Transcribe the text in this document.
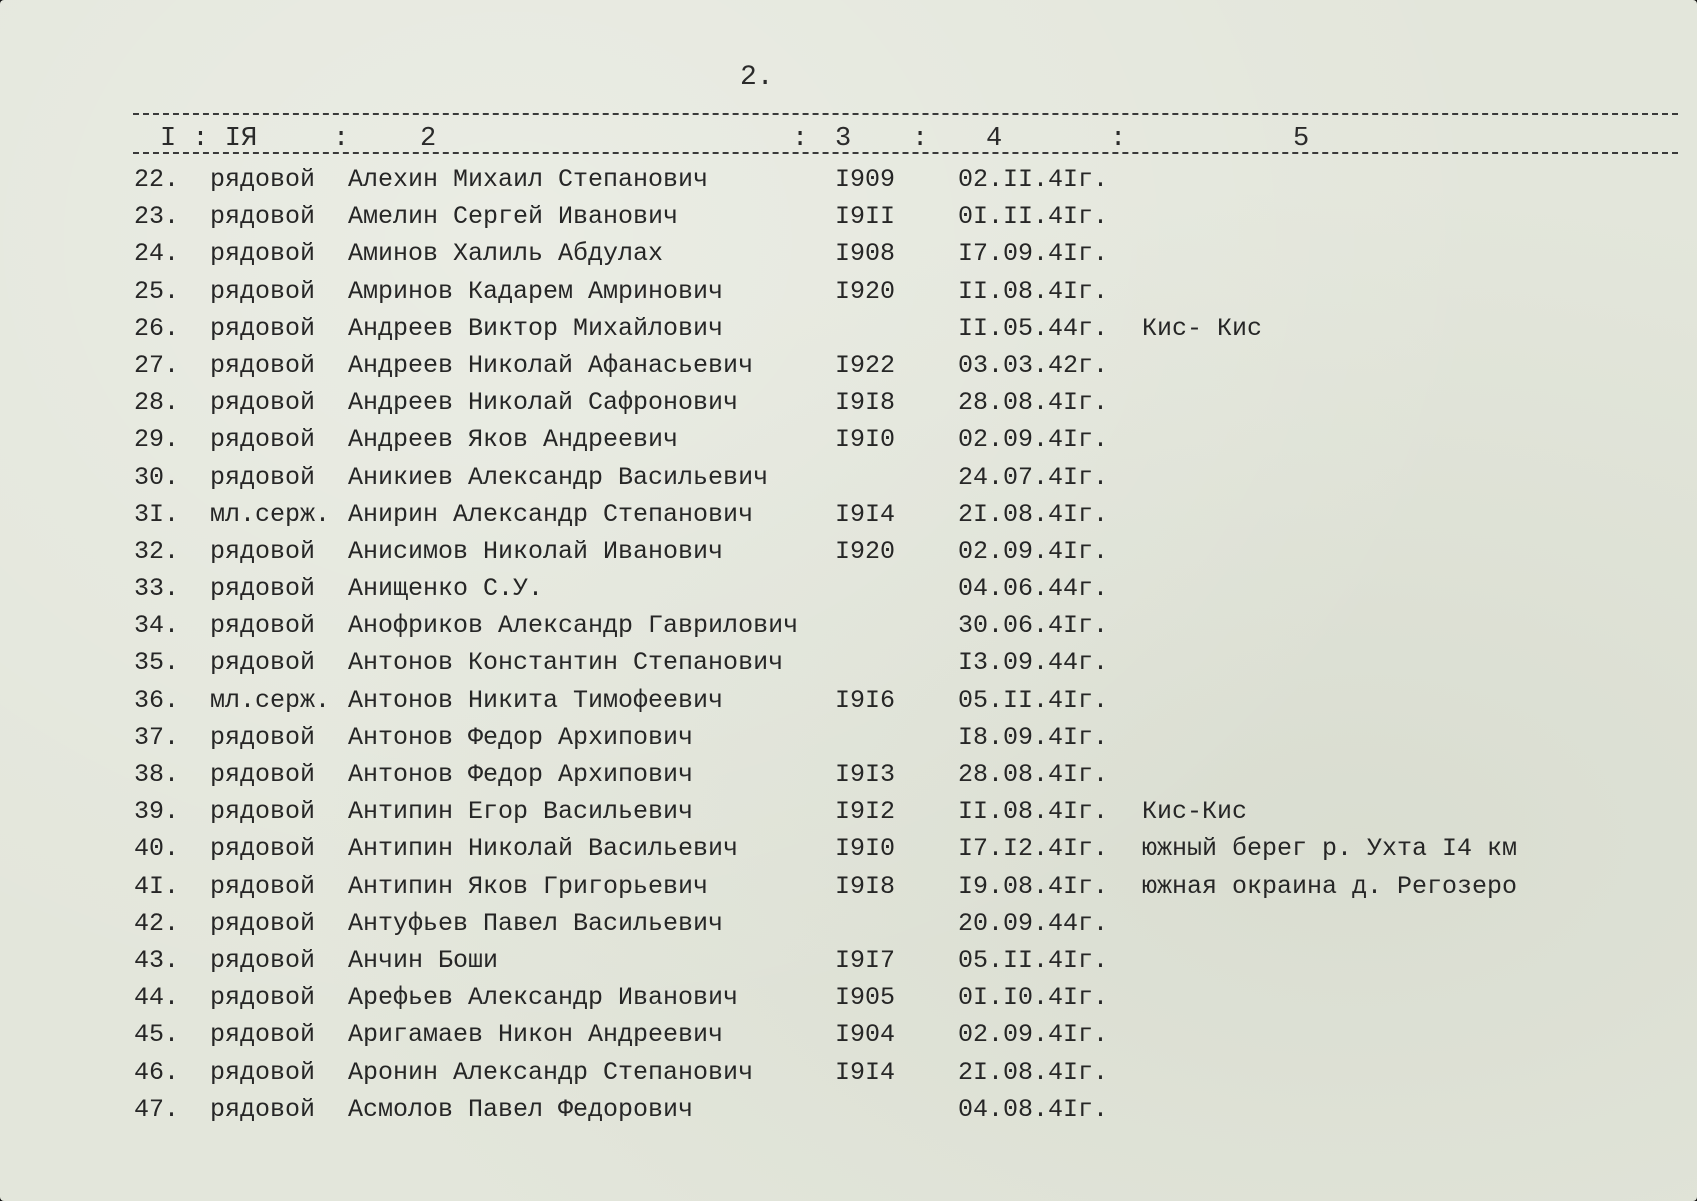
2.
I : IЯ	:	2	: 3 : 4	:	5
22. рядовой Алехин Михаил Степанович	I909	02.II.4Iг.
23. рядовой Амелин Сергей Иванович	I9II	0I.II.4Iг.
24. рядовой Аминов Халиль Абдулах	I908	I7.09.4Iг.
25. рядовой Амринов Кадарем Амринович	I920	II.08.4Iг.
26. рядовой Андреев Виктор Михайлович	II.05.44г. Кис- Кис
27. рядовой Андреев Николай Афанасьевич	I922	03.03.42г.
28. рядовой Андреев Николай Сафронович	I9I8	28.08.4Iг.
29. рядовой Андреев Яков Андреевич	I9I0	02.09.4Iг.
30. рядовой Аникиев Александр Васильевич	24.07.4Iг.
3I. мл.серж. Анирин Александр Степанович	I9I4	2I.08.4Iг.
32. рядовой Анисимов Николай Иванович	I920	02.09.4Iг.
33. рядовой Анищенко С.У.	04.06.44г.
34. рядовой Анофриков Александр Гаврилович	30.06.4Iг.
35. рядовой Антонов Константин Степанович	I3.09.44г.
36. мл.серж. Антонов Никита Тимофеевич	I9I6	05.II.4Iг.
37. рядовой Антонов Федор Архипович	I8.09.4Iг.
38. рядовой Антонов Федор Архипович	I9I3	28.08.4Iг.
39. рядовой Антипин Егор Васильевич	I9I2	II.08.4Iг. Кис-Кис
40. рядовой Антипин Николай Васильевич	I9I0	I7.I2.4Iг. южный берег р. Ухта I4 км
4I. рядовой Антипин Яков Григорьевич	I9I8	I9.08.4Iг. южная окраина д. Регозеро
42. рядовой Антуфьев Павел Васильевич	20.09.44г.
43. рядовой Анчин Боши	I9I7	05.II.4Iг.
44. рядовой Арефьев Александр Иванович	I905	0I.I0.4Iг.
45. рядовой Аригамаев Никон Андреевич	I904	02.09.4Iг.
46. рядовой Аронин Александр Степанович	I9I4	2I.08.4Iг.
47. рядовой Асмолов Павел Федорович	04.08.4Iг.
